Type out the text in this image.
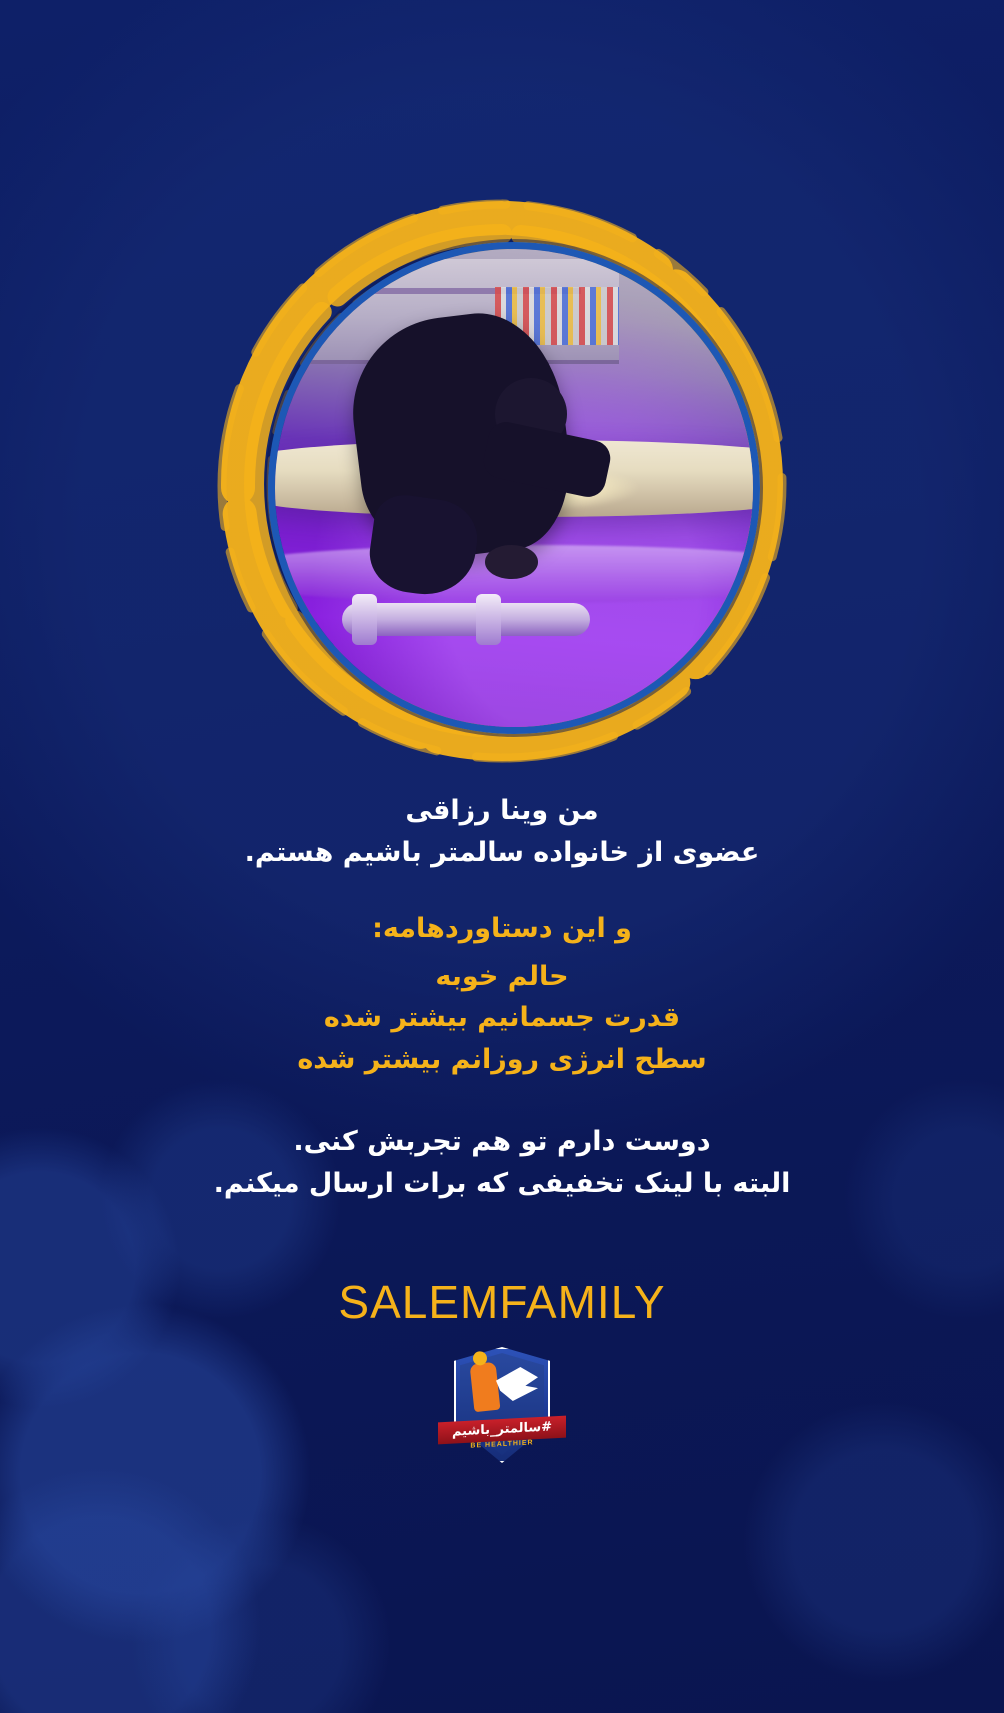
من وینا رزاقی
عضوی از خانواده سالمتر باشیم هستم.
و این دستاوردهامه:
حالم خوبه
قدرت جسمانیم بیشتر شده
سطح انرژی روزانم بیشتر شده
دوست دارم تو هم تجربش کنی.
البته با لینک تخفیفی که برات ارسال میکنم.
SALEMFAMILY
#سالمتر_باشیم
BE HEALTHIER
